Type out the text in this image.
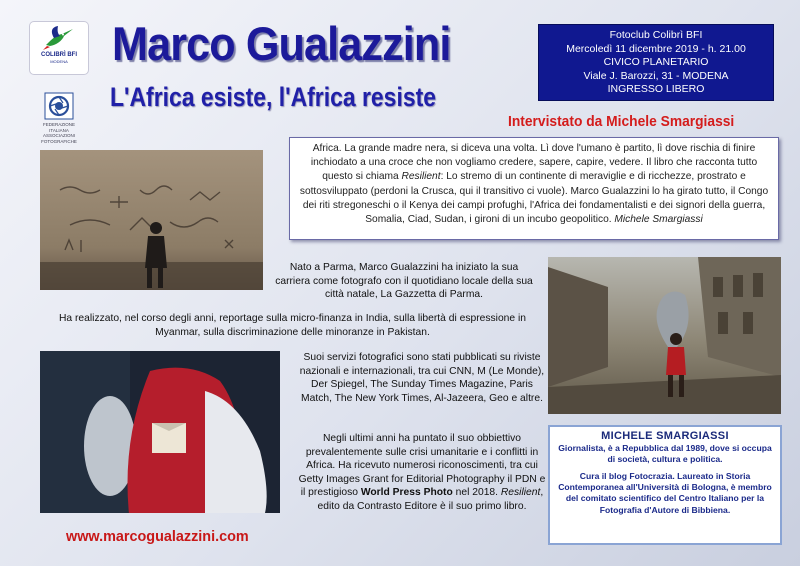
COLIBRÌ BFI
MODENA
FEDERAZIONE ITALIANA ASSOCIAZIONI FOTOGRAFICHE
Marco Gualazzini
L'Africa esiste, l'Africa resiste
Fotoclub Colibrì BFI
Mercoledì 11 dicembre 2019 - h. 21.00
CIVICO PLANETARIO
Viale J. Barozzi, 31 - MODENA
INGRESSO LIBERO
Intervistato da Michele Smargiassi

Africa. La grande madre nera, si diceva una volta. Lì dove l'umano è partito, lì dove rischia di finire inchiodato a una croce che non vogliamo credere, sapere, capire, vedere. Il libro che racconta tutto questo si chiama Resilient: Lo stremo di un continente di meraviglie e di ricchezze, prostrato e sottosviluppato (perdoni la Crusca, qui il transitivo ci vuole). Marco Gualazzini lo ha girato tutto, il Congo dei riti stregoneschi o il Kenya dei campi profughi, l'Africa dei fondamentalisti e dei signori della guerra, Somalia, Ciad, Sudan, i gironi di un incubo geopolitico. Michele Smargiassi

Nato a Parma, Marco Gualazzini ha iniziato la sua carriera come fotografo con il quotidiano locale della sua città natale, La Gazzetta di Parma.
Ha realizzato, nel corso degli anni, reportage sulla micro-finanza in India, sulla libertà di espressione in Myanmar, sulla discriminazione delle minoranze in Pakistan.
Suoi servizi fotografici sono stati pubblicati su riviste nazionali e internazionali, tra cui CNN, M (Le Monde), Der Spiegel, The Sunday Times Magazine, Paris Match, The New York Times, Al-Jazeera, Geo e altre.
Negli ultimi anni ha puntato il suo obbiettivo prevalentemente sulle crisi umanitarie e i conflitti in Africa. Ha ricevuto numerosi riconoscimenti, tra cui Getty Images Grant for Editorial Photography il PDN e il prestigioso World Press Photo nel 2018. Resilient, edito da Contrasto Editore è il suo primo libro.
www.marcogualazzini.com
MICHELE SMARGIASSI
Giornalista, è a Repubblica dal 1989, dove si occupa di società, cultura e politica.
Cura il blog Fotocrazia. Laureato in Storia Contemporanea all'Università di Bologna, è membro del comitato scientifico del Centro Italiano per la Fotografia d'Autore di Bibbiena.
